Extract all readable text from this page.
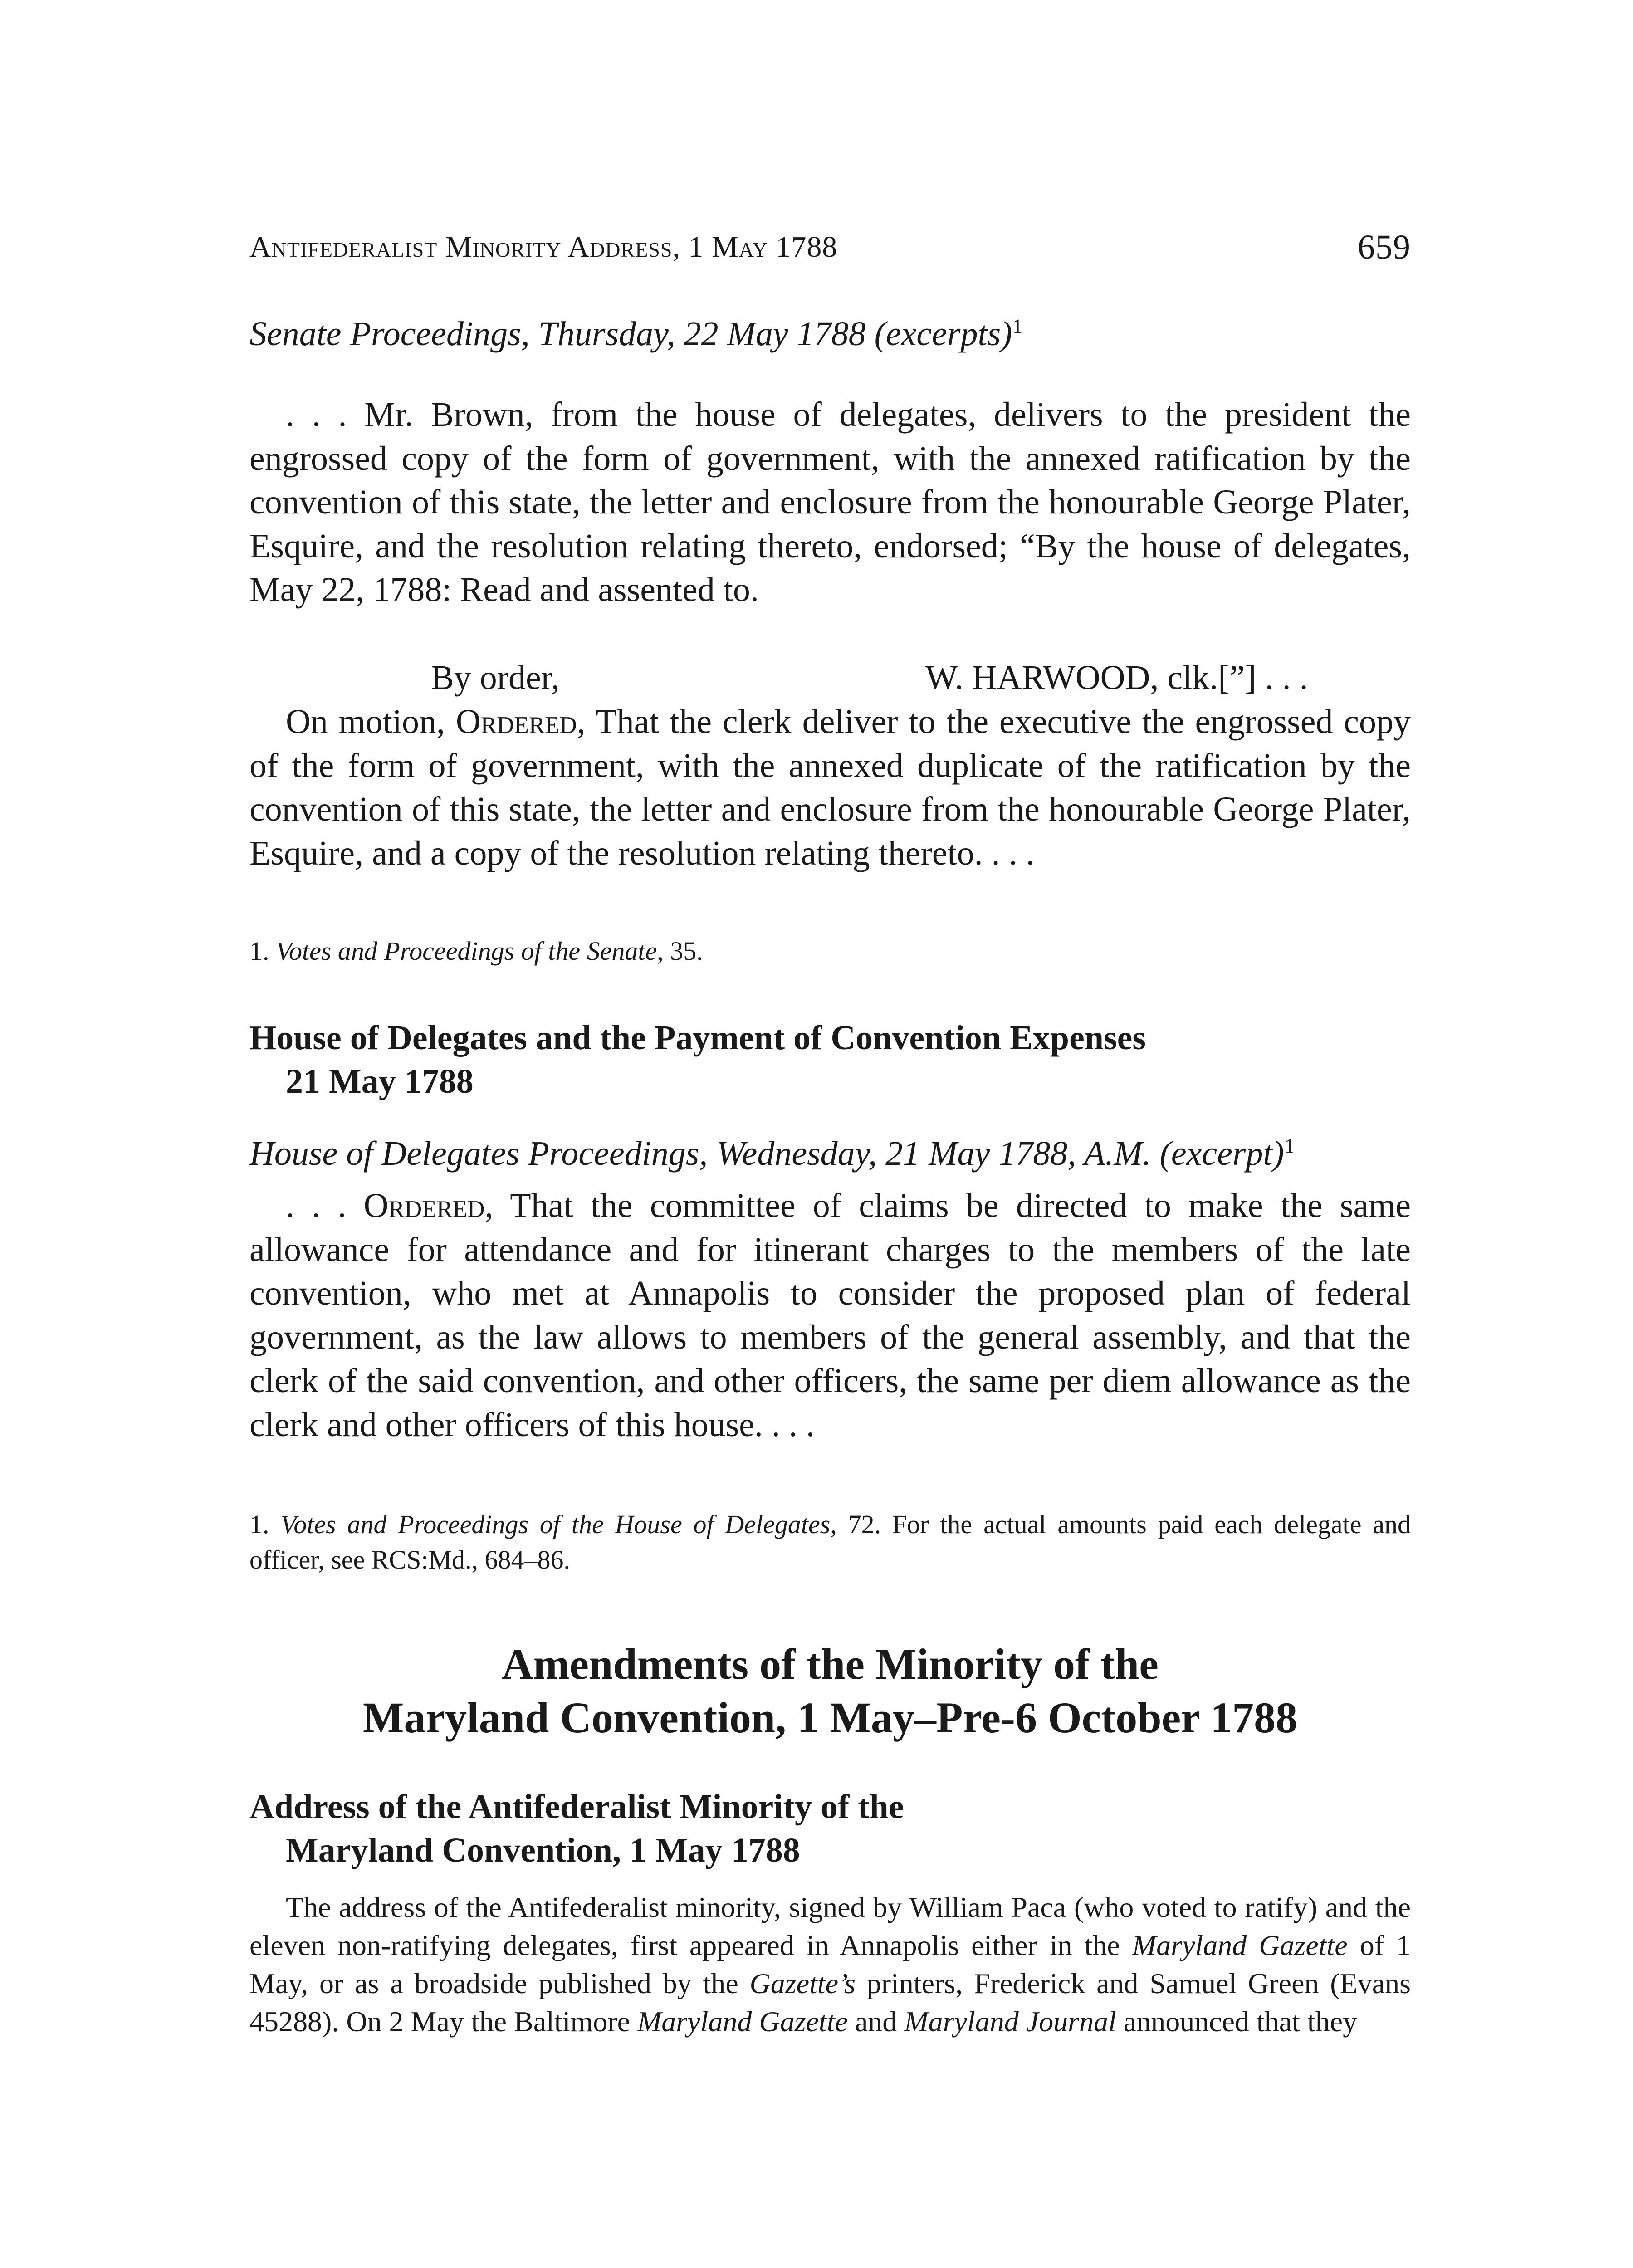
Antifederalist Minority Address, 1 May 1788	659

Senate Proceedings, Thursday, 22 May 1788 (excerpts)$^1$

. . . Mr. Brown, from the house of delegates, delivers to the president the engrossed copy of the form of government, with the annexed ratification by the convention of this state, the letter and enclosure from the honourable George Plater, Esquire, and the resolution relating thereto, endorsed; “By the house of delegates, May 22, 1788: Read and assented to.

By order,	W. HARWOOD, clk.[”] . . .

On motion, Ordered, That the clerk deliver to the executive the engrossed copy of the form of government, with the annexed duplicate of the ratification by the convention of this state, the letter and enclosure from the honourable George Plater, Esquire, and a copy of the resolution relating thereto. . . .

1. Votes and Proceedings of the Senate, 35.

House of Delegates and the Payment of Convention Expenses
21 May 1788

House of Delegates Proceedings, Wednesday, 21 May 1788, A.M. (excerpt)$^1$

. . . Ordered, That the committee of claims be directed to make the same allowance for attendance and for itinerant charges to the members of the late convention, who met at Annapolis to consider the proposed plan of federal government, as the law allows to members of the general assembly, and that the clerk of the said convention, and other officers, the same per diem allowance as the clerk and other officers of this house. . . .

1. Votes and Proceedings of the House of Delegates, 72. For the actual amounts paid each delegate and officer, see RCS:Md., 684–86.

Amendments of the Minority of the
Maryland Convention, 1 May–Pre-6 October 1788
Address of the Antifederalist Minority of the
Maryland Convention, 1 May 1788

The address of the Antifederalist minority, signed by William Paca (who voted to ratify) and the eleven non-ratifying delegates, first appeared in Annapolis either in the Maryland Gazette of 1 May, or as a broadside published by the Gazette’s printers, Frederick and Samuel Green (Evans 45288). On 2 May the Baltimore Maryland Gazette and Maryland Journal announced that they
